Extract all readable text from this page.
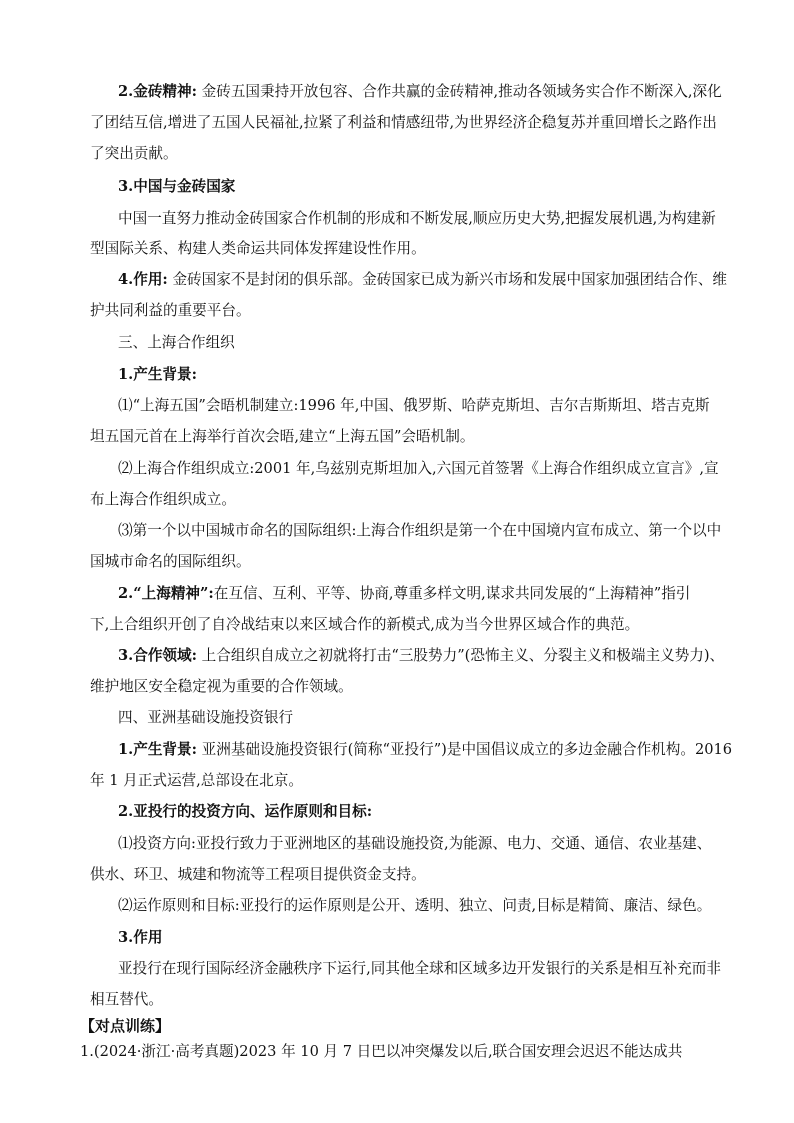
2.金砖精神: 金砖五国秉持开放包容、合作共赢的金砖精神,推动各领域务实合作不断深入,深化
了团结互信,增进了五国人民福祉,拉紧了利益和情感纽带,为世界经济企稳复苏并重回增长之路作出
了突出贡献。
3.中国与金砖国家
中国一直努力推动金砖国家合作机制的形成和不断发展,顺应历史大势,把握发展机遇,为构建新
型国际关系、构建人类命运共同体发挥建设性作用。
4.作用: 金砖国家不是封闭的俱乐部。金砖国家已成为新兴市场和发展中国家加强团结合作、维
护共同利益的重要平台。
三、上海合作组织
1.产生背景:
⑴“上海五国”会晤机制建立:1996 年,中国、俄罗斯、哈萨克斯坦、吉尔吉斯斯坦、塔吉克斯
坦五国元首在上海举行首次会晤,建立“上海五国”会晤机制。
⑵上海合作组织成立:2001 年,乌兹别克斯坦加入,六国元首签署《上海合作组织成立宣言》,宣
布上海合作组织成立。
⑶第一个以中国城市命名的国际组织:上海合作组织是第一个在中国境内宣布成立、第一个以中
国城市命名的国际组织。
2.“上海精神”:在互信、互利、平等、协商,尊重多样文明,谋求共同发展的“上海精神”指引
下,上合组织开创了自冷战结束以来区域合作的新模式,成为当今世界区域合作的典范。
3.合作领域: 上合组织自成立之初就将打击“三股势力”(恐怖主义、分裂主义和极端主义势力)、
维护地区安全稳定视为重要的合作领域。
四、亚洲基础设施投资银行
1.产生背景: 亚洲基础设施投资银行(简称“亚投行”)是中国倡议成立的多边金融合作机构。2016
年 1 月正式运营,总部设在北京。
2.亚投行的投资方向、运作原则和目标:
⑴投资方向:亚投行致力于亚洲地区的基础设施投资,为能源、电力、交通、通信、农业基建、
供水、环卫、城建和物流等工程项目提供资金支持。
⑵运作原则和目标:亚投行的运作原则是公开、透明、独立、问责,目标是精简、廉洁、绿色。
3.作用
亚投行在现行国际经济金融秩序下运行,同其他全球和区域多边开发银行的关系是相互补充而非
相互替代。
【对点训练】
1.(2024·浙江·高考真题)2023 年 10 月 7 日巴以冲突爆发以后,联合国安理会迟迟不能达成共
